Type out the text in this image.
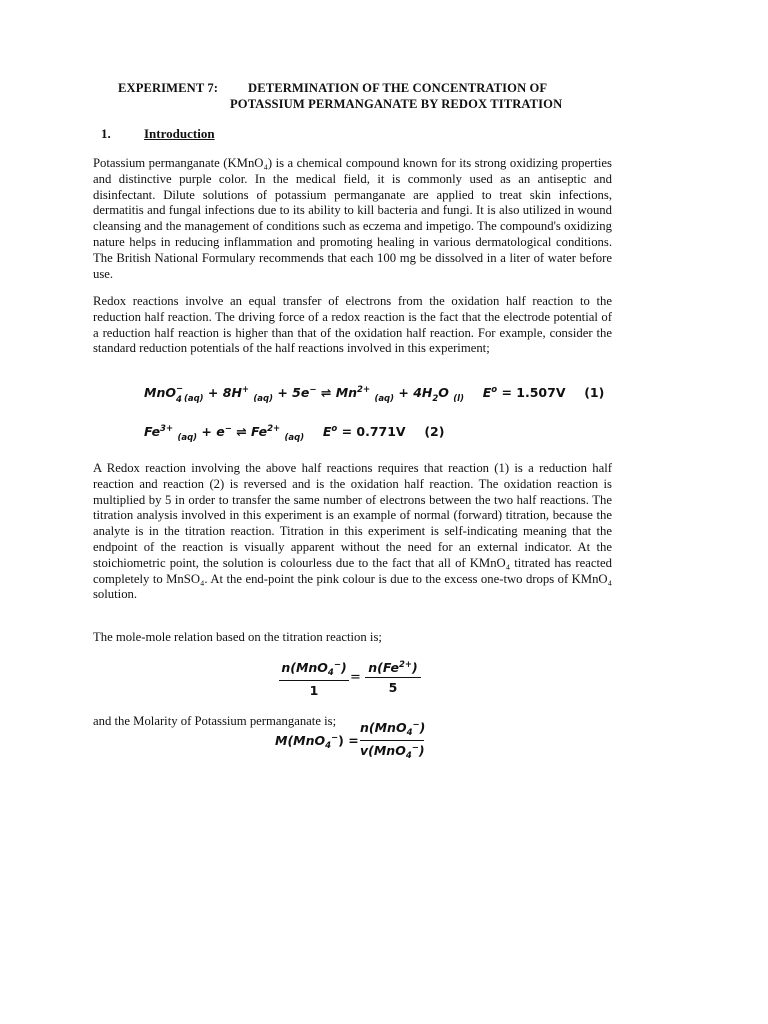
EXPERIMENT 7: DETERMINATION OF THE CONCENTRATION OF
POTASSIUM PERMANGANATE BY REDOX TITRATION
1.	Introduction

Potassium permanganate (KMnO₄) is a chemical compound known for its strong oxidizing properties and distinctive purple color. In the medical field, it is commonly used as an antiseptic and disinfectant. Dilute solutions of potassium permanganate are applied to treat skin infections, dermatitis and fungal infections due to its ability to kill bacteria and fungi. It is also utilized in wound cleansing and the management of conditions such as eczema and impetigo. The compound's oxidizing nature helps in reducing inflammation and promoting healing in various dermatological conditions. The British National Formulary recommends that each 100 mg be dissolved in a liter of water before use.

Redox reactions involve an equal transfer of electrons from the oxidation half reaction to the reduction half reaction. The driving force of a redox reaction is the fact that the electrode potential of a reduction half reaction is higher than that of the oxidation half reaction. For example, consider the standard reduction potentials of the half reactions involved in this experiment;

MnO −
4 $_{(aq)}$ + 8H+ $_{(aq)}$ + 5e− ⇌ $Mn^{2+}$ $_{(aq)} + 4H_2O$ $_{(l)}$ $E^o = 1.507V$ (1)
$Fe^{3+}$ $_{(aq)}$ + e− ⇌ $Fe^{2+}$ $_{(aq)}$ $E^o = 0.771V$ (2)

A Redox reaction involving the above half reactions requires that reaction (1) is a reduction half reaction and reaction (2) is reversed and is the oxidation half reaction. The oxidation reaction is multiplied by 5 in order to transfer the same number of electrons between the two half reactions. The titration analysis involved in this experiment is an example of normal (forward) titration, because the analyte is in the titration reaction. Titration in this experiment is self-indicating meaning that the endpoint of the reaction is visually apparent without the need for an external indicator. At the stoichiometric point, the solution is colourless due to the fact that all of KMnO₄ titrated has reacted completely to MnSO₄. At the end-point the pink colour is due to the excess one-two drops of KMnO₄ solution.

The mole-mole relation based on the titration reaction is;

n(MnO$_4$−)
1
=
$n(Fe^{2+})$
5

and the Molarity of Potassium permanganate is;

M(MnO$_4$−) =
n(MnO$_4$−)
v(MnO$_4$−)
